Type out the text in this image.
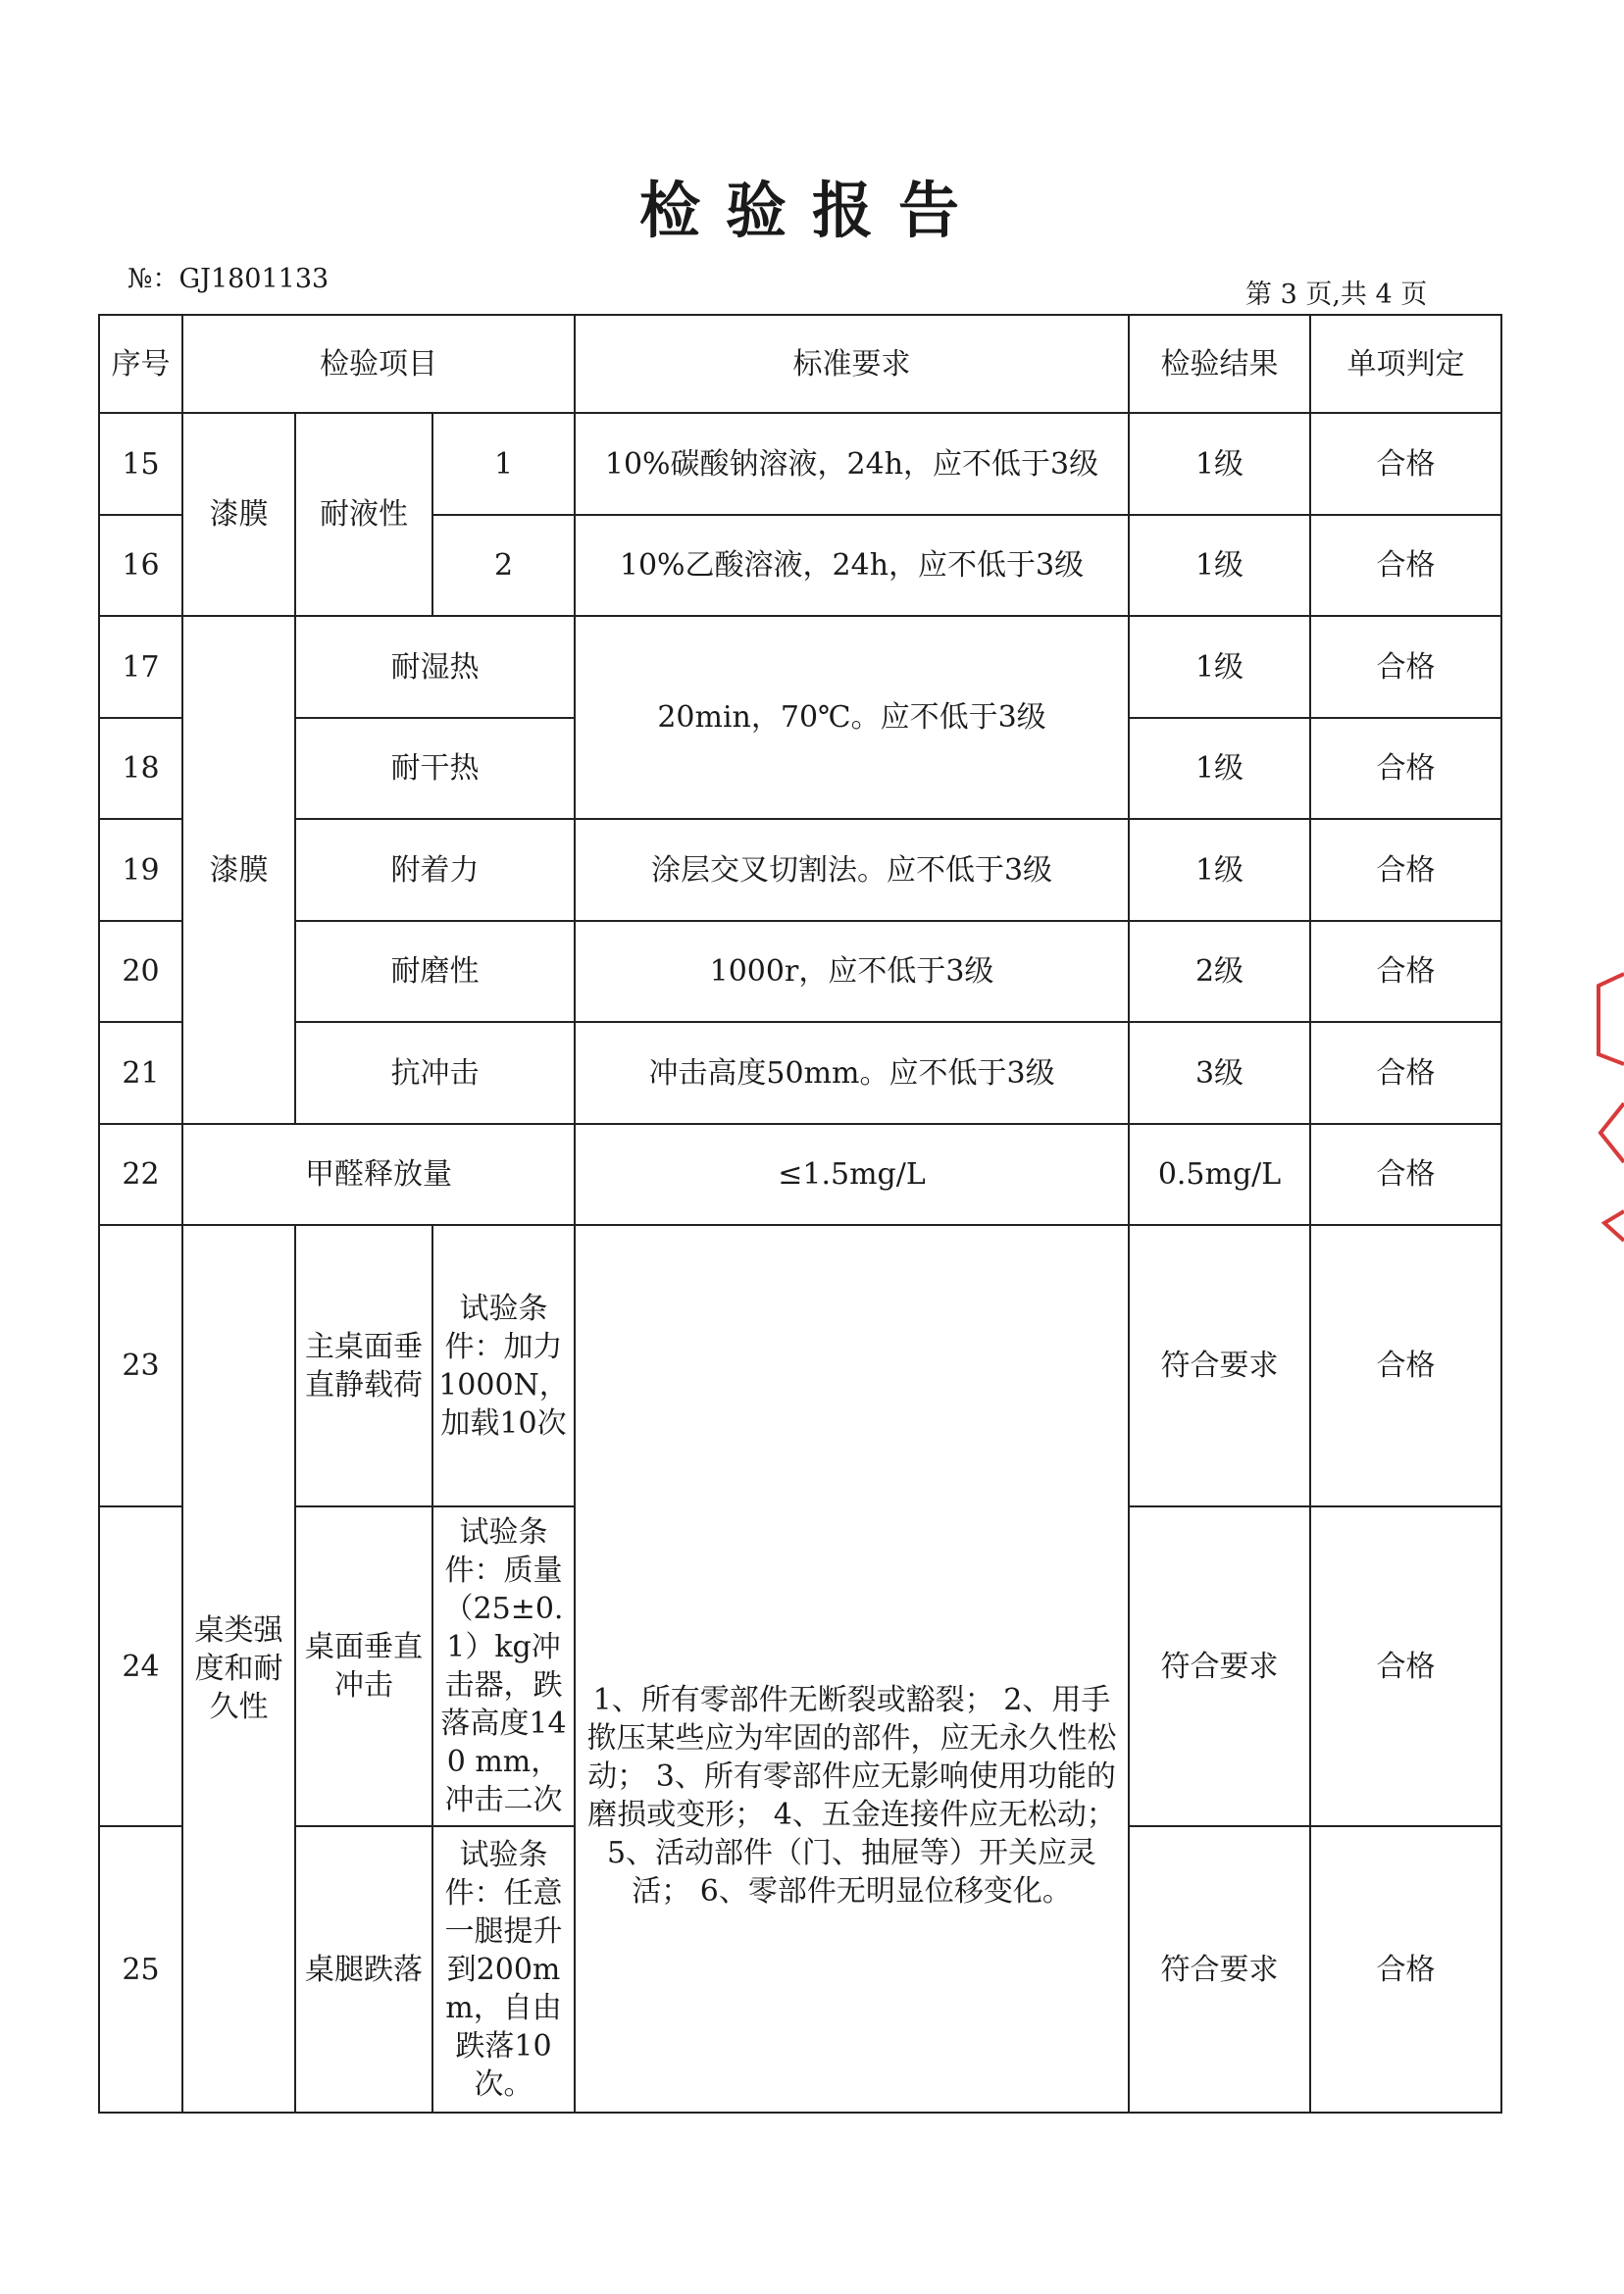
检验报告
№：GJ1801133
第 3 页,共 4 页
序号	检验项目			标准要求	检验结果	单项判定
15	漆膜	耐液性	1	10%碳酸钠溶液，24h，应不低于3级	1级	合格
16			2	10%乙酸溶液，24h，应不低于3级	1级	合格
17	漆膜	耐湿热		20min，70℃。应不低于3级	1级	合格
18		耐干热			1级	合格
19		附着力		涂层交叉切割法。应不低于3级	1级	合格
20		耐磨性		1000r，应不低于3级	2级	合格
21		抗冲击		冲击高度50mm。应不低于3级	3级	合格
22	甲醛释放量			≤1.5mg/L	0.5mg/L	合格
23	桌类强度和耐久性	主桌面垂 直静载荷	试验条件：加力1000N，加载10次	1、所有零部件无断裂或豁裂； 2、用手揿压某些应为牢固的部件，应无永久性松动； 3、所有零部件应无影响使用功能的磨损或变形； 4、五金连接件应无松动； 5、活动部件（门、抽屉等）开关应灵活； 6、零部件无明显位移变化。	符合要求	合格
24		桌面垂直冲击	试验条件：质量（25±0.1）kg冲击器，跌落高度140 mm，冲击二次		符合要求	合格
25		桌腿跌落	试验条件：任意一腿提升到200mm，自由跌落10次。		符合要求	合格
